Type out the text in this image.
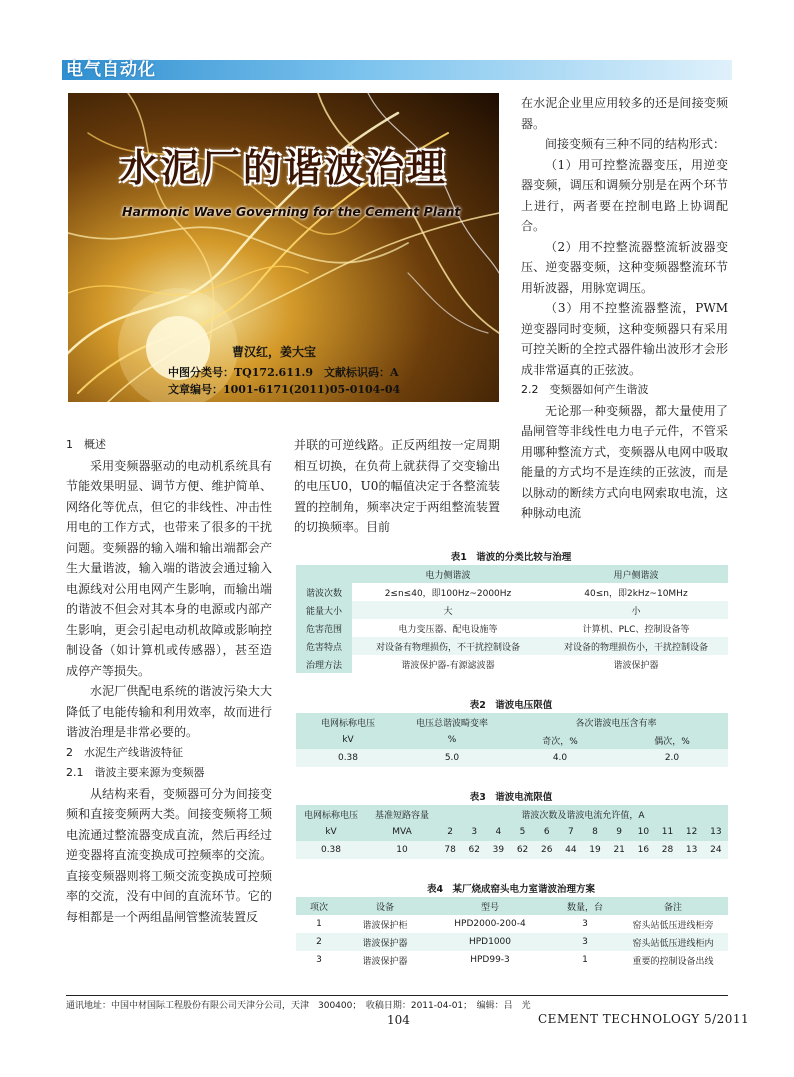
电气自动化
水泥厂的谐波治理
Harmonic Wave Governing for the Cement Plant
曹汉红，姜大宝
中图分类号：TQ172.611.9　文献标识码：A
文章编号：1001-6171(2011)05-0104-04

在水泥企业里应用较多的还是间接变频器。

间接变频有三种不同的结构形式：

（1）用可控整流器变压，用逆变器变频，调压和调频分别是在两个环节上进行，两者要在控制电路上协调配合。

（2）用不控整流器整流斩波器变压、逆变器变频，这种变频器整流环节用斩波器，用脉宽调压。

（3）用不控整流器整流，PWM逆变器同时变频，这种变频器只有采用可控关断的全控式器件输出波形才会形成非常逼真的正弦波。

2.2　变频器如何产生谐波

无论那一种变频器，都大量使用了晶闸管等非线性电力电子元件，不管采用哪种整流方式，变频器从电网中吸取能量的方式均不是连续的正弦波，而是以脉动的断续方式向电网索取电流，这种脉动电流

1　概述

采用变频器驱动的电动机系统具有节能效果明显、调节方便、维护简单、网络化等优点，但它的非线性、冲击性用电的工作方式，也带来了很多的干扰问题。变频器的输入端和输出端都会产生大量谐波，输入端的谐波会通过输入电源线对公用电网产生影响，而输出端的谐波不但会对其本身的电源或内部产生影响，更会引起电动机故障或影响控制设备（如计算机或传感器），甚至造成停产等损失。

水泥厂供配电系统的谐波污染大大降低了电能传输和利用效率，故而进行谐波治理是非常必要的。

2　水泥生产线谐波特征

2.1　谐波主要来源为变频器

从结构来看，变频器可分为间接变频和直接变频两大类。间接变频将工频电流通过整流器变成直流，然后再经过逆变器将直流变换成可控频率的交流。直接变频器则将工频交流变换成可控频率的交流，没有中间的直流环节。它的每相都是一个两组晶闸管整流装置反

并联的可逆线路。正反两组按一定周期相互切换，在负荷上就获得了交变输出的电压U0，U0的幅值决定于各整流装置的控制角，频率决定于两组整流装置的切换频率。目前

表1　谐波的分类比较与治理
	电力侧谐波	用户侧谐波
谐波次数	2≤n≤40，即100Hz~2000Hz	40≤n，即2kHz~10MHz
能量大小	大	小
危害范围	电力变压器、配电设施等	计算机、PLC、控制设备等
危害特点	对设备有物理损伤，不干扰控制设备	对设备的物理损伤小，干扰控制设备
治理方法	谐波保护器-有源滤波器	谐波保护器
表2　谐波电压限值
电网标称电压	电压总谐波畸变率	各次谐波电压含有率	
kV	%	奇次，%	偶次，%
0.38	5.0	4.0	2.0
表3　谐波电流限值
电网标称电压	基准短路容量	谐波次数及谐波电流允许值，A											
kV	MVA	2	3	4	5	6	7	8	9	10	11	12	13
0.38	10	78	62	39	62	26	44	19	21	16	28	13	24
表4　某厂烧成窑头电力室谐波治理方案
项次	设备	型号	数量，台	备注
1	谐波保护柜	HPD2000-200-4	3	窑头站低压进线柜旁
2	谐波保护器	HPD1000	3	窑头站低压进线柜内
3	谐波保护器	HPD99-3	1	重要的控制设备出线
通讯地址：中国中材国际工程股份有限公司天津分公司，天津　300400；　收稿日期：2011-04-01；　编辑：吕　光
104	CEMENT TECHNOLOGY 5/2011
